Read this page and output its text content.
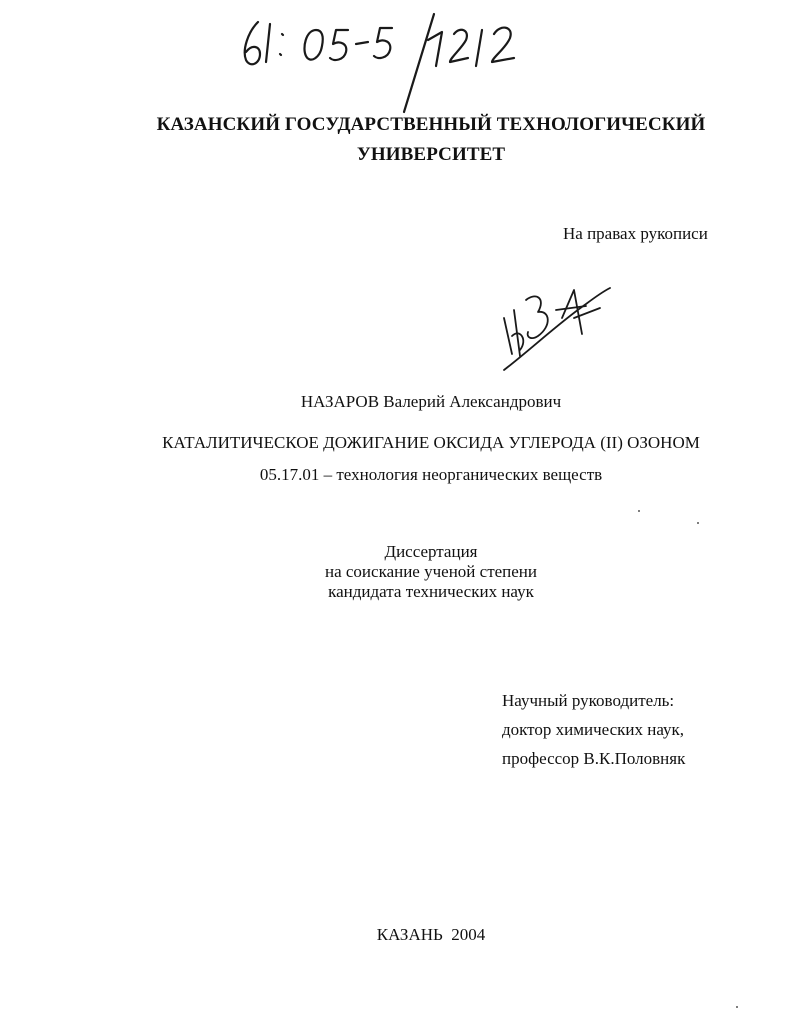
КАЗАНСКИЙ ГОСУДАРСТВЕННЫЙ ТЕХНОЛОГИЧЕСКИЙ
УНИВЕРСИТЕТ
На правах рукописи
НАЗАРОВ Валерий Александрович
КАТАЛИТИЧЕСКОЕ ДОЖИГАНИЕ ОКСИДА УГЛЕРОДА (II) ОЗОНОМ
05.17.01 – технология неорганических веществ
Диссертация
на соискание ученой степени
кандидата технических наук
Научный руководитель:
доктор химических наук,
профессор В.К.Половняк
КАЗАНЬ  2004
